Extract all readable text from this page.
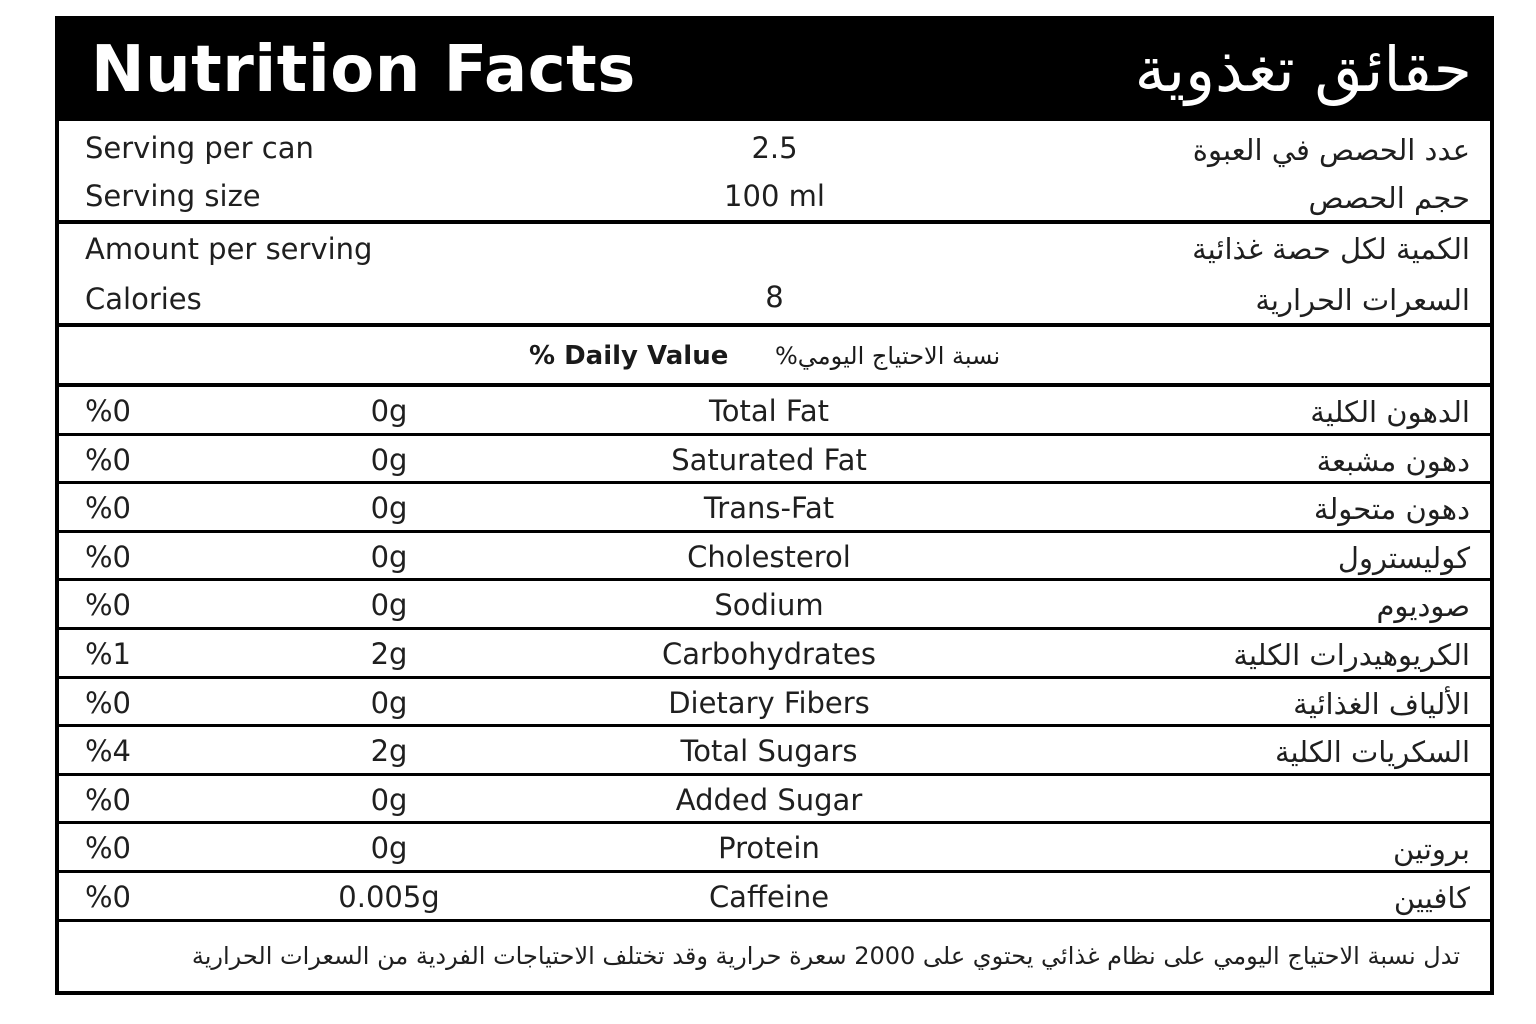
Nutrition Facts	حقائق تغذوية
Serving per can	2.5	عدد الحصص في العبوة
Serving size	100 ml	حجم الحصص
Amount per serving	الكمية لكل حصة غذائية
Calories	8	السعرات الحرارية
% Daily Value نسبة الاحتياج اليومي%
%0	0g	Total Fat	الدهون الكلية
%0	0g	Saturated Fat	دهون مشبعة
%0	0g	Trans-Fat	دهون متحولة
%0	0g	Cholesterol	كوليسترول
%0	0g	Sodium	صوديوم
%1	2g	Carbohydrates	الكريوهيدرات الكلية
%0	0g	Dietary Fibers	الألياف الغذائية
%4	2g	Total Sugars	السكريات الكلية
%0	0g	Added Sugar
%0	0g	Protein	بروتين
%0	0.005g	Caffeine	كافيين
تدل نسبة الاحتياج اليومي على نظام غذائي يحتوي على 2000 سعرة حرارية وقد تختلف الاحتياجات الفردية من السعرات الحرارية
